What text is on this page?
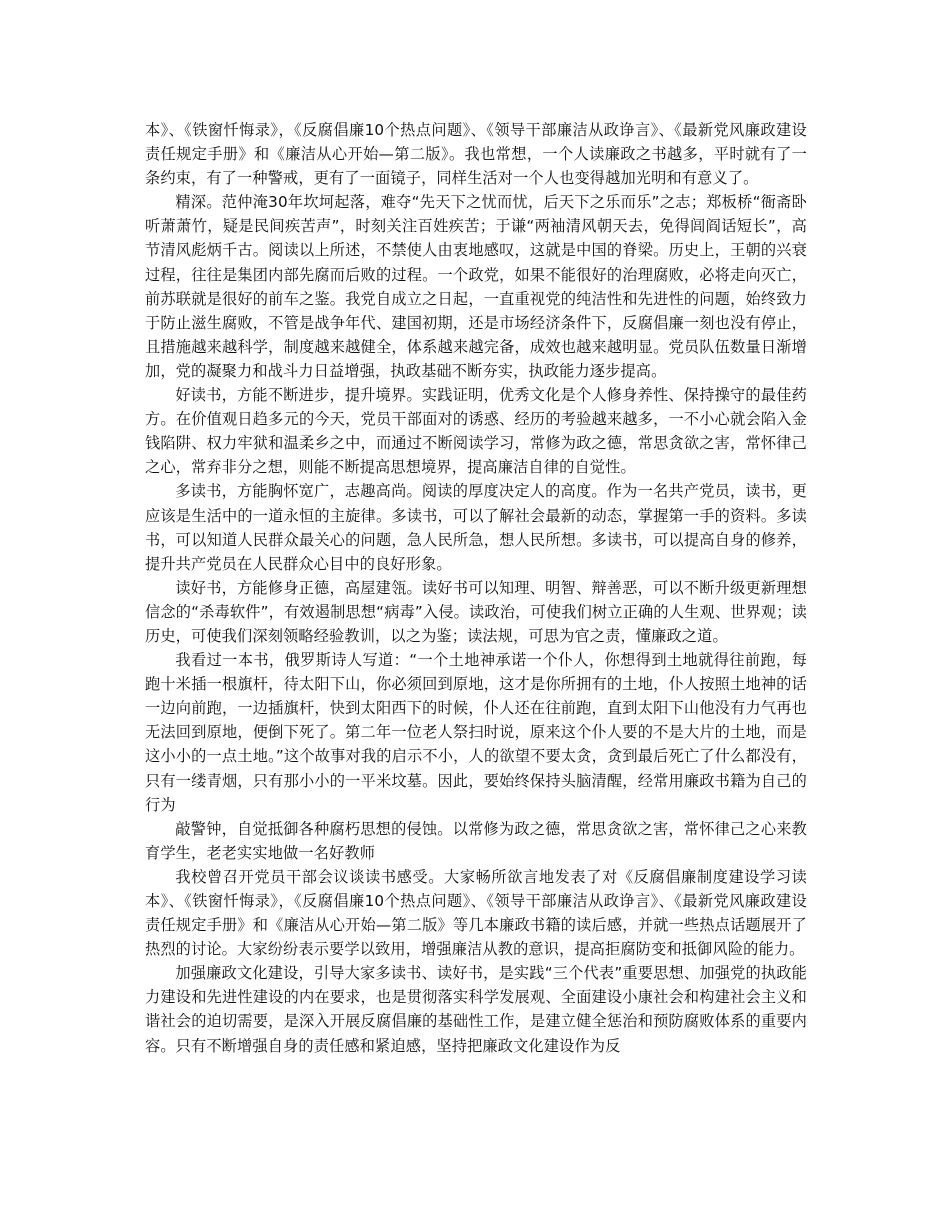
本》、《铁窗忏悔录》，《反腐倡廉10个热点问题》、《领导干部廉洁从政诤言》、《最新党风廉政建设责任规定手册》和《廉洁从心开始—第二版》。我也常想，一个人读廉政之书越多，平时就有了一条约束，有了一种警戒，更有了一面镜子，同样生活对一个人也变得越加光明和有意义了。

精深。范仲淹30年坎坷起落，难夺“先天下之忧而忧，后天下之乐而乐”之志；郑板桥“衙斋卧听萧萧竹，疑是民间疾苦声”，时刻关注百姓疾苦；于谦“两袖清风朝天去，免得闾阎话短长”，高节清风彪炳千古。阅读以上所述，不禁使人由衷地感叹，这就是中国的脊梁。历史上，王朝的兴衰过程，往往是集团内部先腐而后败的过程。一个政党，如果不能很好的治理腐败，必将走向灭亡，前苏联就是很好的前车之鉴。我党自成立之日起，一直重视党的纯洁性和先进性的问题，始终致力于防止滋生腐败，不管是战争年代、建国初期，还是市场经济条件下，反腐倡廉一刻也没有停止，且措施越来越科学，制度越来越健全，体系越来越完备，成效也越来越明显。党员队伍数量日渐增加，党的凝聚力和战斗力日益增强，执政基础不断夯实，执政能力逐步提高。

好读书，方能不断进步，提升境界。实践证明，优秀文化是个人修身养性、保持操守的最佳药方。在价值观日趋多元的今天，党员干部面对的诱惑、经历的考验越来越多，一不小心就会陷入金钱陷阱、权力牢狱和温柔乡之中，而通过不断阅读学习，常修为政之德，常思贪欲之害，常怀律己之心，常弃非分之想，则能不断提高思想境界，提高廉洁自律的自觉性。

多读书，方能胸怀宽广，志趣高尚。阅读的厚度决定人的高度。作为一名共产党员，读书，更应该是生活中的一道永恒的主旋律。多读书，可以了解社会最新的动态，掌握第一手的资料。多读书，可以知道人民群众最关心的问题，急人民所急，想人民所想。多读书，可以提高自身的修养，提升共产党员在人民群众心目中的良好形象。

读好书，方能修身正德，高屋建瓴。读好书可以知理、明智、辩善恶，可以不断升级更新理想信念的“杀毒软件”，有效遏制思想“病毒”入侵。读政治，可使我们树立正确的人生观、世界观；读历史，可使我们深刻领略经验教训，以之为鉴；读法规，可思为官之责，懂廉政之道。

我看过一本书，俄罗斯诗人写道：“一个土地神承诺一个仆人，你想得到土地就得往前跑，每跑十米插一根旗杆，待太阳下山，你必须回到原地，这才是你所拥有的土地，仆人按照土地神的话一边向前跑，一边插旗杆，快到太阳西下的时候，仆人还在往前跑，直到太阳下山他没有力气再也无法回到原地，便倒下死了。第二年一位老人祭扫时说，原来这个仆人要的不是大片的土地，而是这小小的一点土地。”这个故事对我的启示不小，人的欲望不要太贪，贪到最后死亡了什么都没有，只有一缕青烟，只有那小小的一平米坟墓。因此，要始终保持头脑清醒，经常用廉政书籍为自己的行为

敲警钟，自觉抵御各种腐朽思想的侵蚀。以常修为政之德，常思贪欲之害，常怀律己之心来教育学生，老老实实地做一名好教师

我校曾召开党员干部会议谈读书感受。大家畅所欲言地发表了对《反腐倡廉制度建设学习读本》、《铁窗忏悔录》，《反腐倡廉10个热点问题》、《领导干部廉洁从政诤言》、《最新党风廉政建设责任规定手册》和《廉洁从心开始—第二版》等几本廉政书籍的读后感，并就一些热点话题展开了热烈的讨论。大家纷纷表示要学以致用，增强廉洁从教的意识，提高拒腐防变和抵御风险的能力。

加强廉政文化建设，引导大家多读书、读好书，是实践“三个代表”重要思想、加强党的执政能力建设和先进性建设的内在要求，也是贯彻落实科学发展观、全面建设小康社会和构建社会主义和谐社会的迫切需要，是深入开展反腐倡廉的基础性工作，是建立健全惩治和预防腐败体系的重要内容。只有不断增强自身的责任感和紧迫感，坚持把廉政文化建设作为反
